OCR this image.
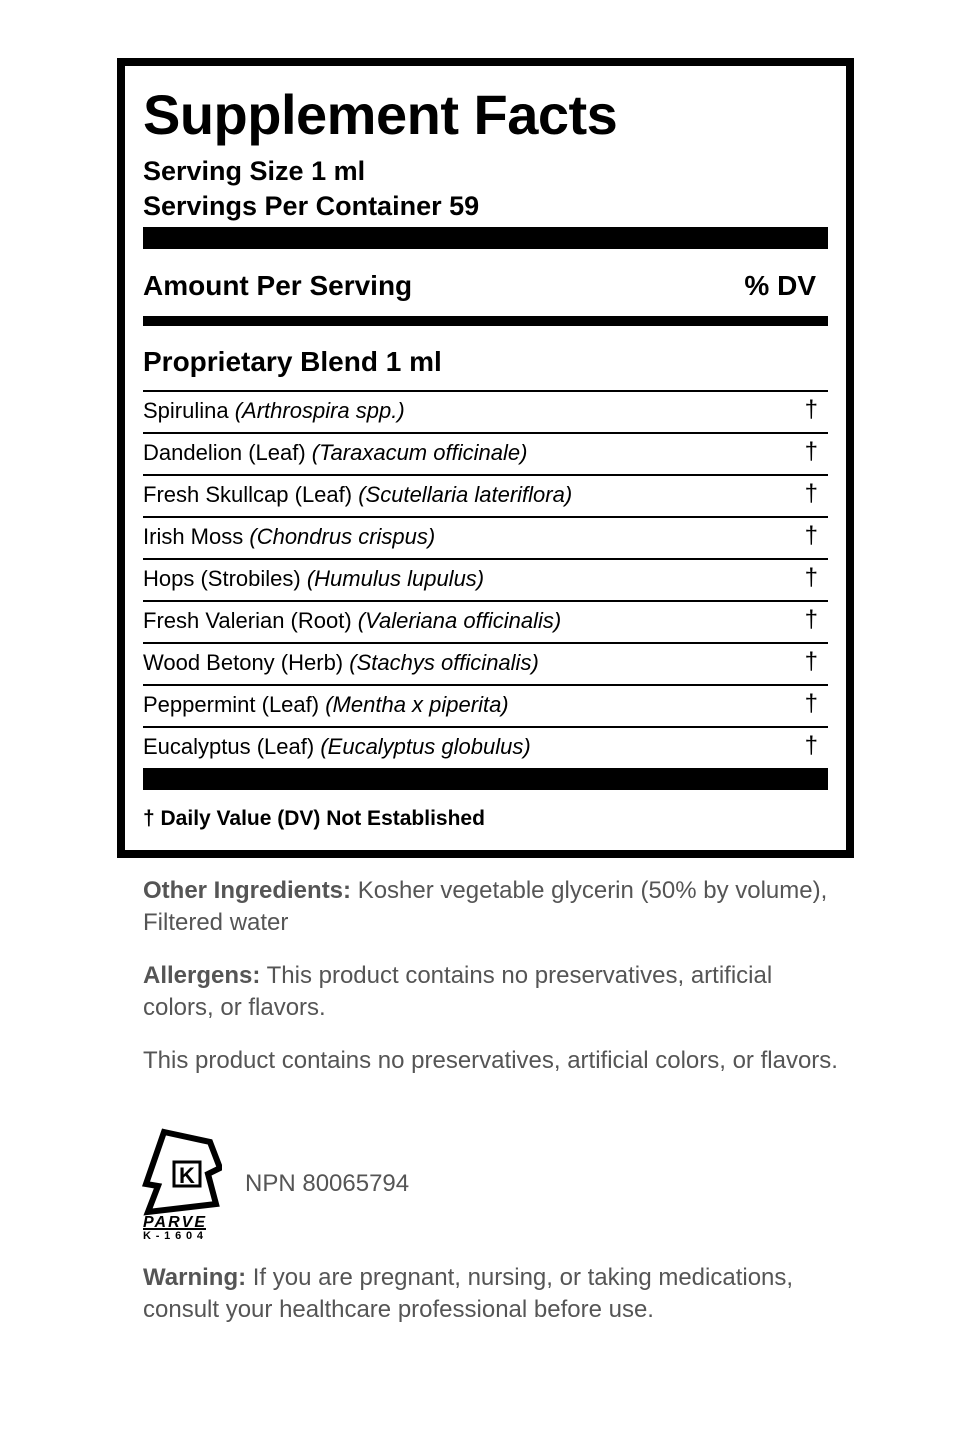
Supplement Facts
Serving Size 1 ml
Servings Per Container 59
Amount Per Serving	% DV
Proprietary Blend 1 ml
Spirulina (Arthrospira spp.)	†
Dandelion (Leaf) (Taraxacum officinale)	†
Fresh Skullcap (Leaf) (Scutellaria lateriflora)	†
Irish Moss (Chondrus crispus)	†
Hops (Strobiles) (Humulus lupulus)	†
Fresh Valerian (Root) (Valeriana officinalis)	†
Wood Betony (Herb) (Stachys officinalis)	†
Peppermint (Leaf) (Mentha x piperita)	†
Eucalyptus (Leaf) (Eucalyptus globulus)	†
† Daily Value (DV) Not Established
Other Ingredients: Kosher vegetable glycerin (50% by volume), Filtered water
Allergens: This product contains no preservatives, artificial colors, or flavors.
This product contains no preservatives, artificial colors, or flavors.
K
PARVE
K-1604
NPN 80065794
Warning: If you are pregnant, nursing, or taking medications, consult your healthcare professional before use.
